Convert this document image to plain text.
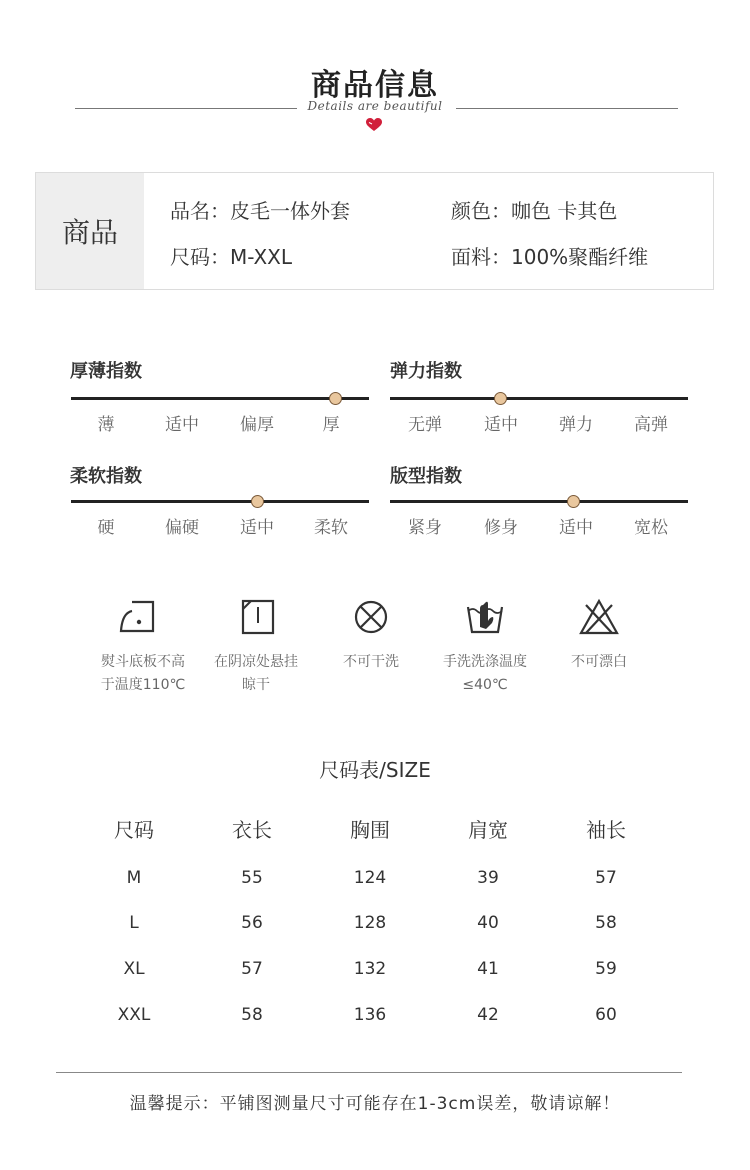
商品信息
Details are beautiful
商品
品名：皮毛一体外套	颜色：咖色 卡其色
尺码：M-XXL	面料：100%聚酯纤维
厚薄指数
薄	适中 偏厚	厚
弹力指数
无弹 适中 弹力 高弹
柔软指数
硬	偏硬 适中 柔软
版型指数
紧身 修身 适中 宽松
熨斗底板不高
于温度110℃
在阴凉处悬挂
晾干
不可干洗	手洗洗涤温度
≤40℃
不可漂白
尺码表/SIZE
尺码	衣长	胸围	肩宽	袖长
M	55	124	39	57
L	56	128	40	58
XL	57	132	41	59
XXL	58	136	42	60
温馨提示：平铺图测量尺寸可能存在1-3cm误差，敬请谅解！
